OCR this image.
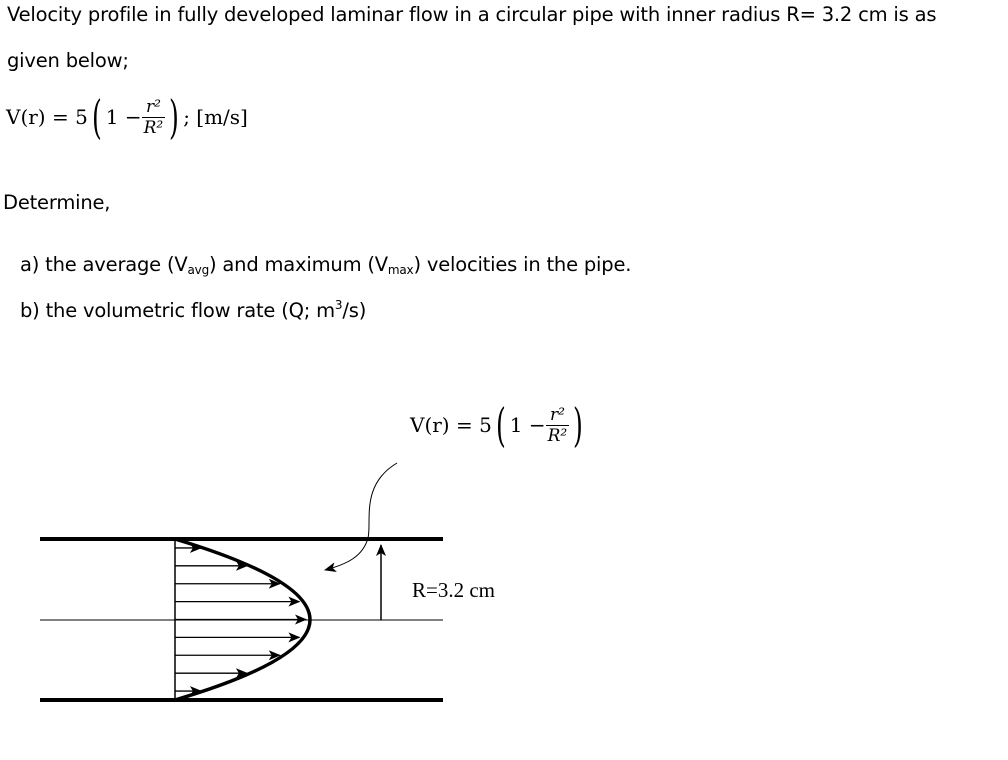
Velocity profile in fully developed laminar flow in a circular pipe with inner radius R= 3.2 cm is as
given below;
V(r) = 5( $1 - \frac{\text{r²}}{\text{R²}}$ ) ; [m/s]
Determine,
a) the average $(V_{avg})$ and maximum $(V_{max})$ velocities in the pipe.
b) the volumetric flow rate (Q; $m^3/s$)
V(r) = 5( $1 - \frac{\text{r²}}{\text{R²}}$ )
R=3.2 cm
